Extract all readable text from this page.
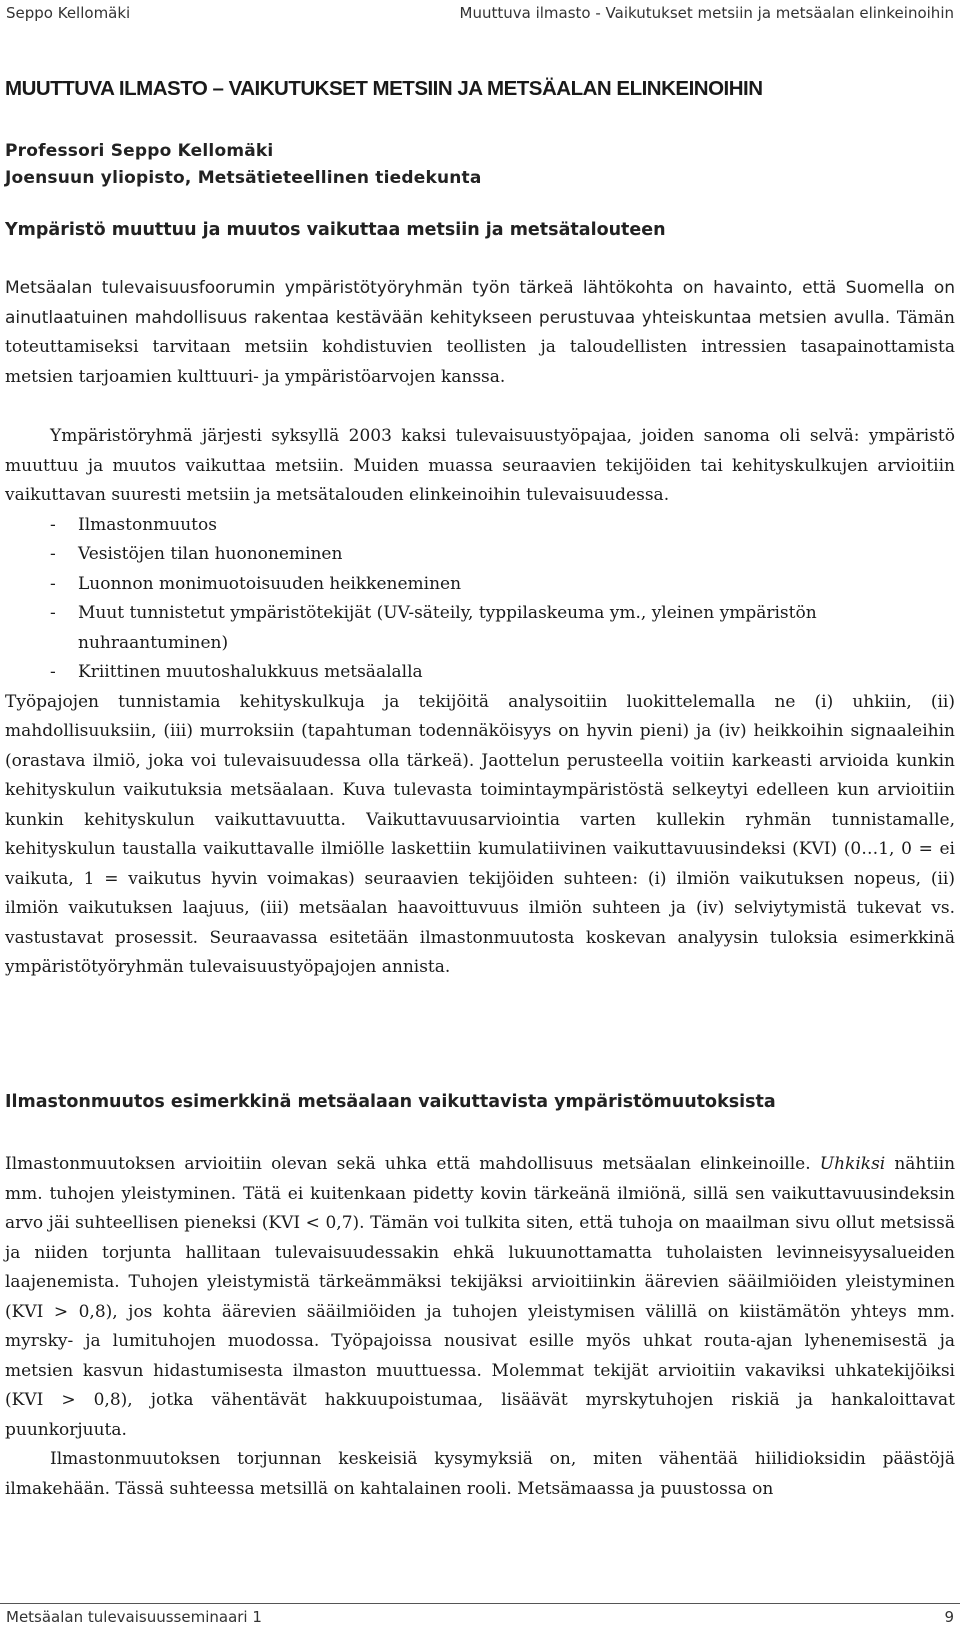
Seppo Kellomäki	Muuttuva ilmasto - Vaikutukset metsiin ja metsäalan elinkeinoihin
MUUTTUVA ILMASTO – VAIKUTUKSET METSIIN JA METSÄALAN ELINKEINOIHIN
Professori Seppo Kellomäki
Joensuun yliopisto, Metsätieteellinen tiedekunta
Ympäristö muuttuu ja muutos vaikuttaa metsiin ja metsätalouteen
Metsäalan tulevaisuusfoorumin ympäristötyöryhmän työn tärkeä lähtökohta on havainto, että Suomella on ainutlaatuinen mahdollisuus rakentaa kestävään kehitykseen perustuvaa yhteiskuntaa metsien avulla. Tämän toteuttamiseksi tarvitaan metsiin kohdistuvien teollisten ja taloudellisten intressien tasapainottamista metsien tarjoamien kulttuuri- ja ympäristöarvojen kanssa.

Ympäristöryhmä järjesti syksyllä 2003 kaksi tulevaisuustyöpajaa, joiden sanoma oli selvä: ympäristö muuttuu ja muutos vaikuttaa metsiin. Muiden muassa seuraavien tekijöiden tai kehityskulkujen arvioitiin vaikuttavan suuresti metsiin ja metsätalouden elinkeinoihin tulevaisuudessa.

- Ilmastonmuutos
- Vesistöjen tilan huononeminen
- Luonnon monimuotoisuuden heikkeneminen
- Muut tunnistetut ympäristötekijät (UV-säteily, typpilaskeuma ym., yleinen ympäristön nuhraantuminen)
- Kriittinen muutoshalukkuus metsäalalla

Työpajojen tunnistamia kehityskulkuja ja tekijöitä analysoitiin luokittelemalla ne (i) uhkiin, (ii) mahdollisuuksiin, (iii) murroksiin (tapahtuman todennäköisyys on hyvin pieni) ja (iv) heikkoihin signaaleihin (orastava ilmiö, joka voi tulevaisuudessa olla tärkeä). Jaottelun perusteella voitiin karkeasti arvioida kunkin kehityskulun vaikutuksia metsäalaan. Kuva tulevasta toimintaympäristöstä selkeytyi edelleen kun arvioitiin kunkin kehityskulun vaikuttavuutta. Vaikuttavuusarviointia varten kullekin ryhmän tunnistamalle, kehityskulun taustalla vaikuttavalle ilmiölle laskettiin kumulatiivinen vaikuttavuusindeksi (KVI) (0…1, 0 = ei vaikuta, 1 = vaikutus hyvin voimakas) seuraavien tekijöiden suhteen: (i) ilmiön vaikutuksen nopeus, (ii) ilmiön vaikutuksen laajuus, (iii) metsäalan haavoittuvuus ilmiön suhteen ja (iv) selviytymistä tukevat vs. vastustavat prosessit. Seuraavassa esitetään ilmastonmuutosta koskevan analyysin tuloksia esimerkkinä ympäristötyöryhmän tulevaisuustyöpajojen annista.

Ilmastonmuutos esimerkkinä metsäalaan vaikuttavista ympäristömuutoksista

Ilmastonmuutoksen arvioitiin olevan sekä uhka että mahdollisuus metsäalan elinkeinoille. Uhkiksi nähtiin mm. tuhojen yleistyminen. Tätä ei kuitenkaan pidetty kovin tärkeänä ilmiönä, sillä sen vaikuttavuusindeksin arvo jäi suhteellisen pieneksi (KVI < 0,7). Tämän voi tulkita siten, että tuhoja on maailman sivu ollut metsissä ja niiden torjunta hallitaan tulevaisuudessakin ehkä lukuunottamatta tuholaisten levinneisyysalueiden laajenemista. Tuhojen yleistymistä tärkeämmäksi tekijäksi arvioitiinkin äärevien sääilmiöiden yleistyminen (KVI > 0,8), jos kohta äärevien sääilmiöiden ja tuhojen yleistymisen välillä on kiistämätön yhteys mm. myrsky- ja lumituhojen muodossa. Työpajoissa nousivat esille myös uhkat routa-ajan lyhenemisestä ja metsien kasvun hidastumisesta ilmaston muuttuessa. Molemmat tekijät arvioitiin vakaviksi uhkatekijöiksi (KVI > 0,8), jotka vähentävät hakkuupoistumaa, lisäävät myrskytuhojen riskiä ja hankaloittavat puunkorjuuta.

Ilmastonmuutoksen torjunnan keskeisiä kysymyksiä on, miten vähentää hiilidioksidin päästöjä ilmakehään. Tässä suhteessa metsillä on kahtalainen rooli. Metsämaassa ja puustossa on

Metsäalan tulevaisuusseminaari 1	9
